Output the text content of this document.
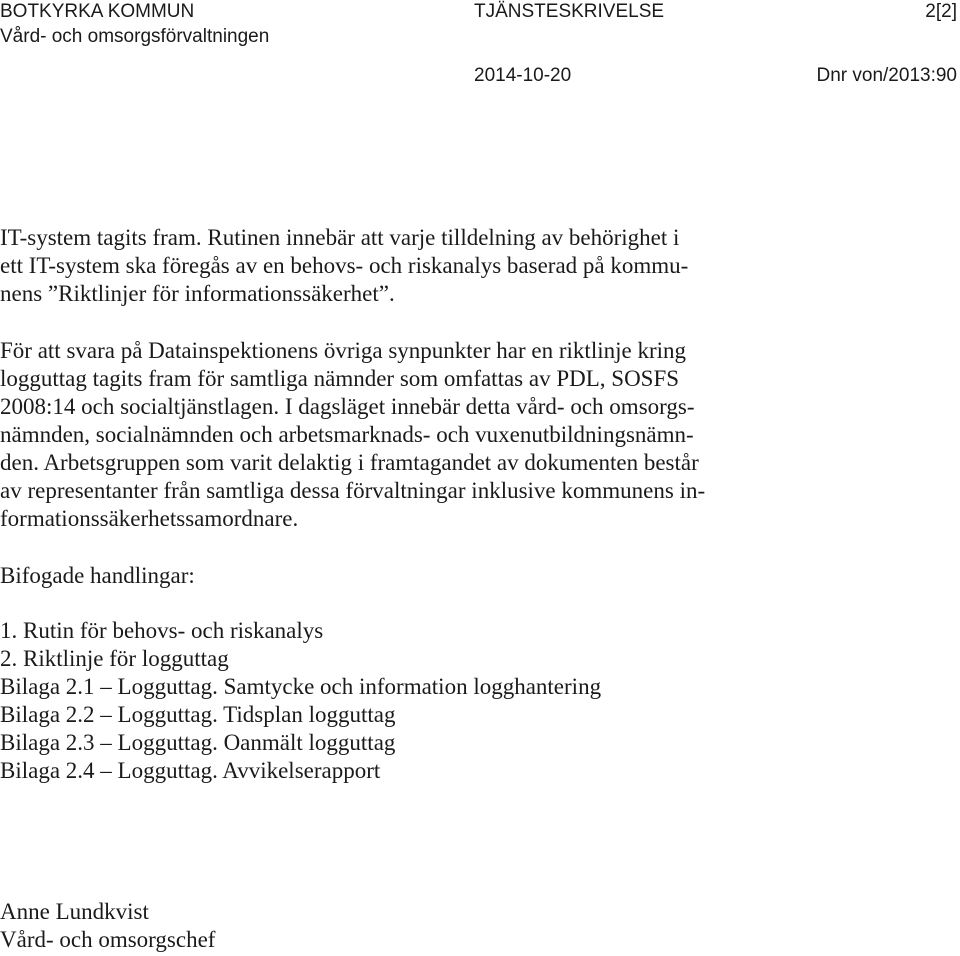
BOTKYRKA KOMMUN	TJÄNSTESKRIVELSE	2[2]
Vård- och omsorgsförvaltningen
2014-10-20	Dnr von/2013:90
IT-system tagits fram. Rutinen innebär att varje tilldelning av behörighet i
ett IT-system ska föregås av en behovs- och riskanalys baserad på kommu-
nens ”Riktlinjer för informationssäkerhet”.
För att svara på Datainspektionens övriga synpunkter har en riktlinje kring
logguttag tagits fram för samtliga nämnder som omfattas av PDL, SOSFS
2008:14 och socialtjänstlagen. I dagsläget innebär detta vård- och omsorgs-
nämnden, socialnämnden och arbetsmarknads- och vuxenutbildningsnämn-
den. Arbetsgruppen som varit delaktig i framtagandet av dokumenten består
av representanter från samtliga dessa förvaltningar inklusive kommunens in-
formationssäkerhetssamordnare.
Bifogade handlingar:
1. Rutin för behovs- och riskanalys
2. Riktlinje för logguttag
Bilaga 2.1 – Logguttag. Samtycke och information logghantering
Bilaga 2.2 – Logguttag. Tidsplan logguttag
Bilaga 2.3 – Logguttag. Oanmält logguttag
Bilaga 2.4 – Logguttag. Avvikelserapport
Anne Lundkvist
Vård- och omsorgschef
